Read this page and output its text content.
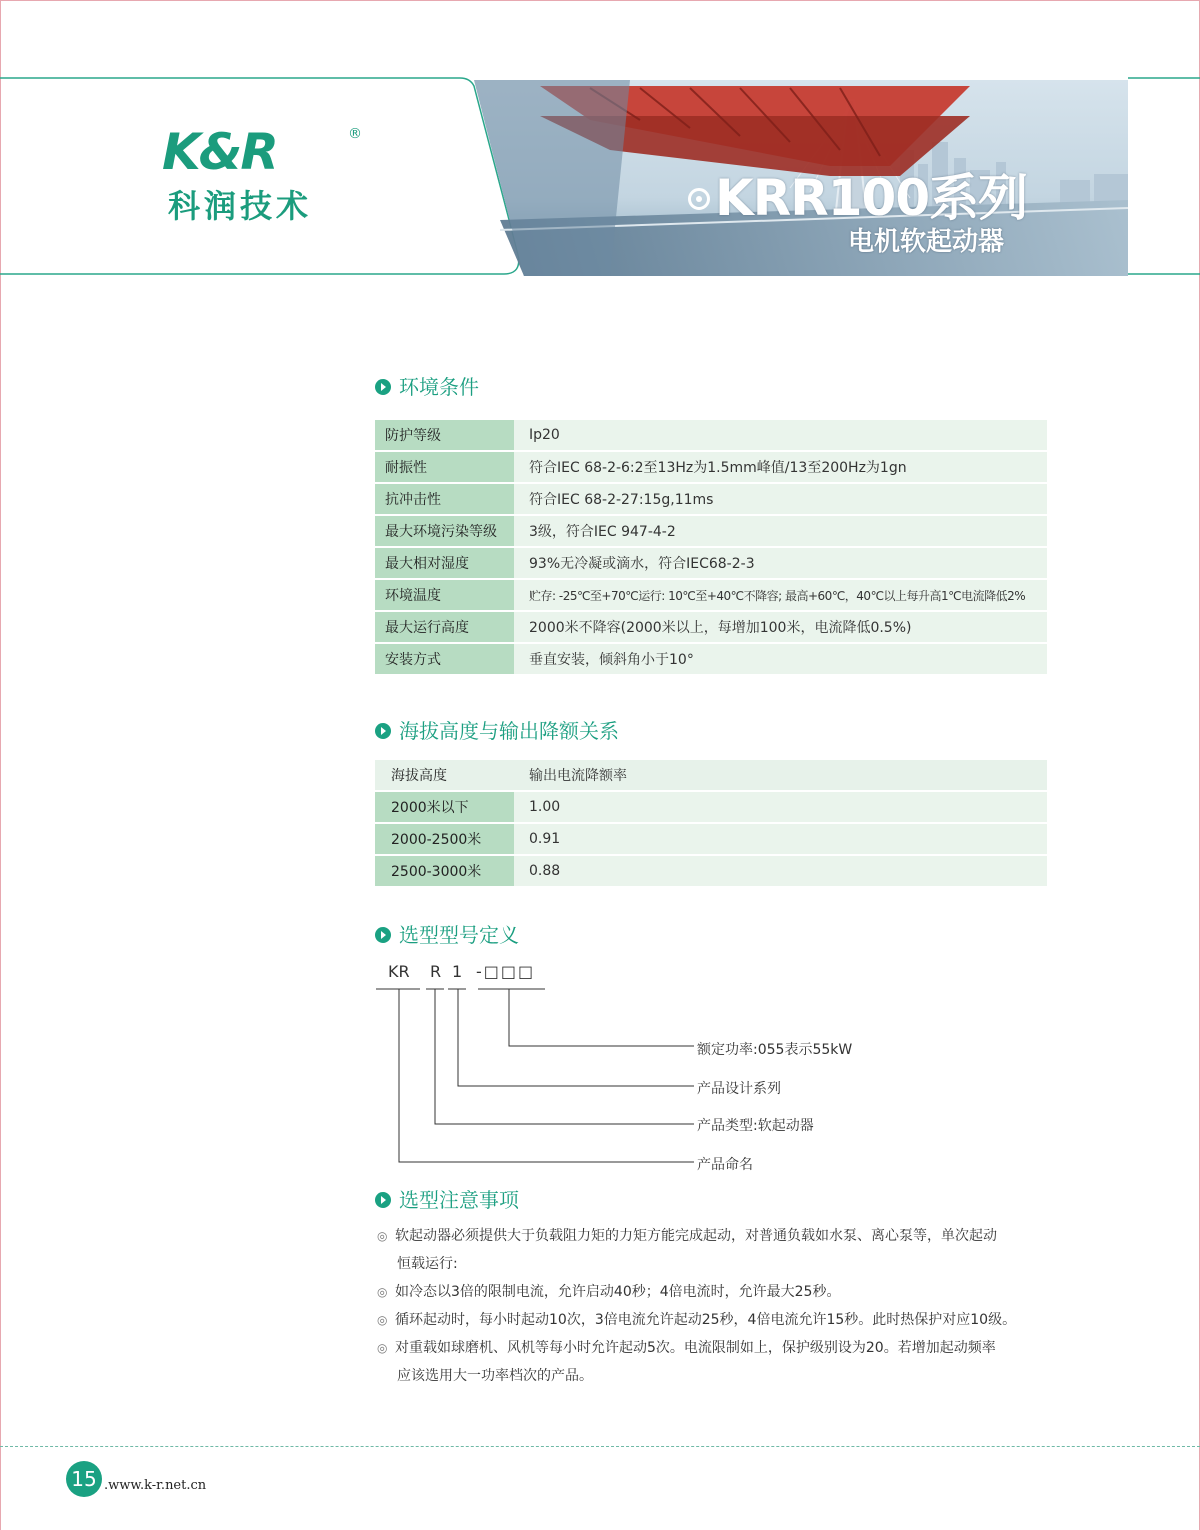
K&R	®
科润技术	KRR100系列
电机软起动器
环境条件
防护等级	Ip20
耐振性	符合IEC 68-2-6:2至13Hz为1.5mm峰值/13至200Hz为1gn
抗冲击性	符合IEC 68-2-27:15g,11ms
最大环境污染等级	3级，符合IEC 947-4-2
最大相对湿度	93%无冷凝或滴水，符合IEC68-2-3
环境温度	贮存: -25℃至+70℃运行: 10℃至+40℃不降容; 最高+60℃，40℃以上每升高1℃电流降低2%
最大运行高度	2000米不降容(2000米以上，每增加100米，电流降低0.5%)
安装方式	垂直安装，倾斜角小于10°
海拔高度与输出降额关系
海拔高度	输出电流降额率
2000米以下	1.00
2000-2500米	0.91
2500-3000米	0.88
选型型号定义
KR R 1 -□□□
额定功率:055表示55kW
产品设计系列
产品类型:软起动器
产品命名
选型注意事项
◎ 软起动器必须提供大于负载阻力矩的力矩方能完成起动，对普通负载如水泵、离心泵等，单次起动
恒载运行:
◎ 如冷态以3倍的限制电流，允许启动40秒；4倍电流时，允许最大25秒。
◎ 循环起动时，每小时起动10次，3倍电流允许起动25秒，4倍电流允许15秒。此时热保护对应10级。
◎ 对重载如球磨机、风机等每小时允许起动5次。电流限制如上，保护级别设为20。若增加起动频率
应该选用大一功率档次的产品。
15 .www.k-r.net.cn
